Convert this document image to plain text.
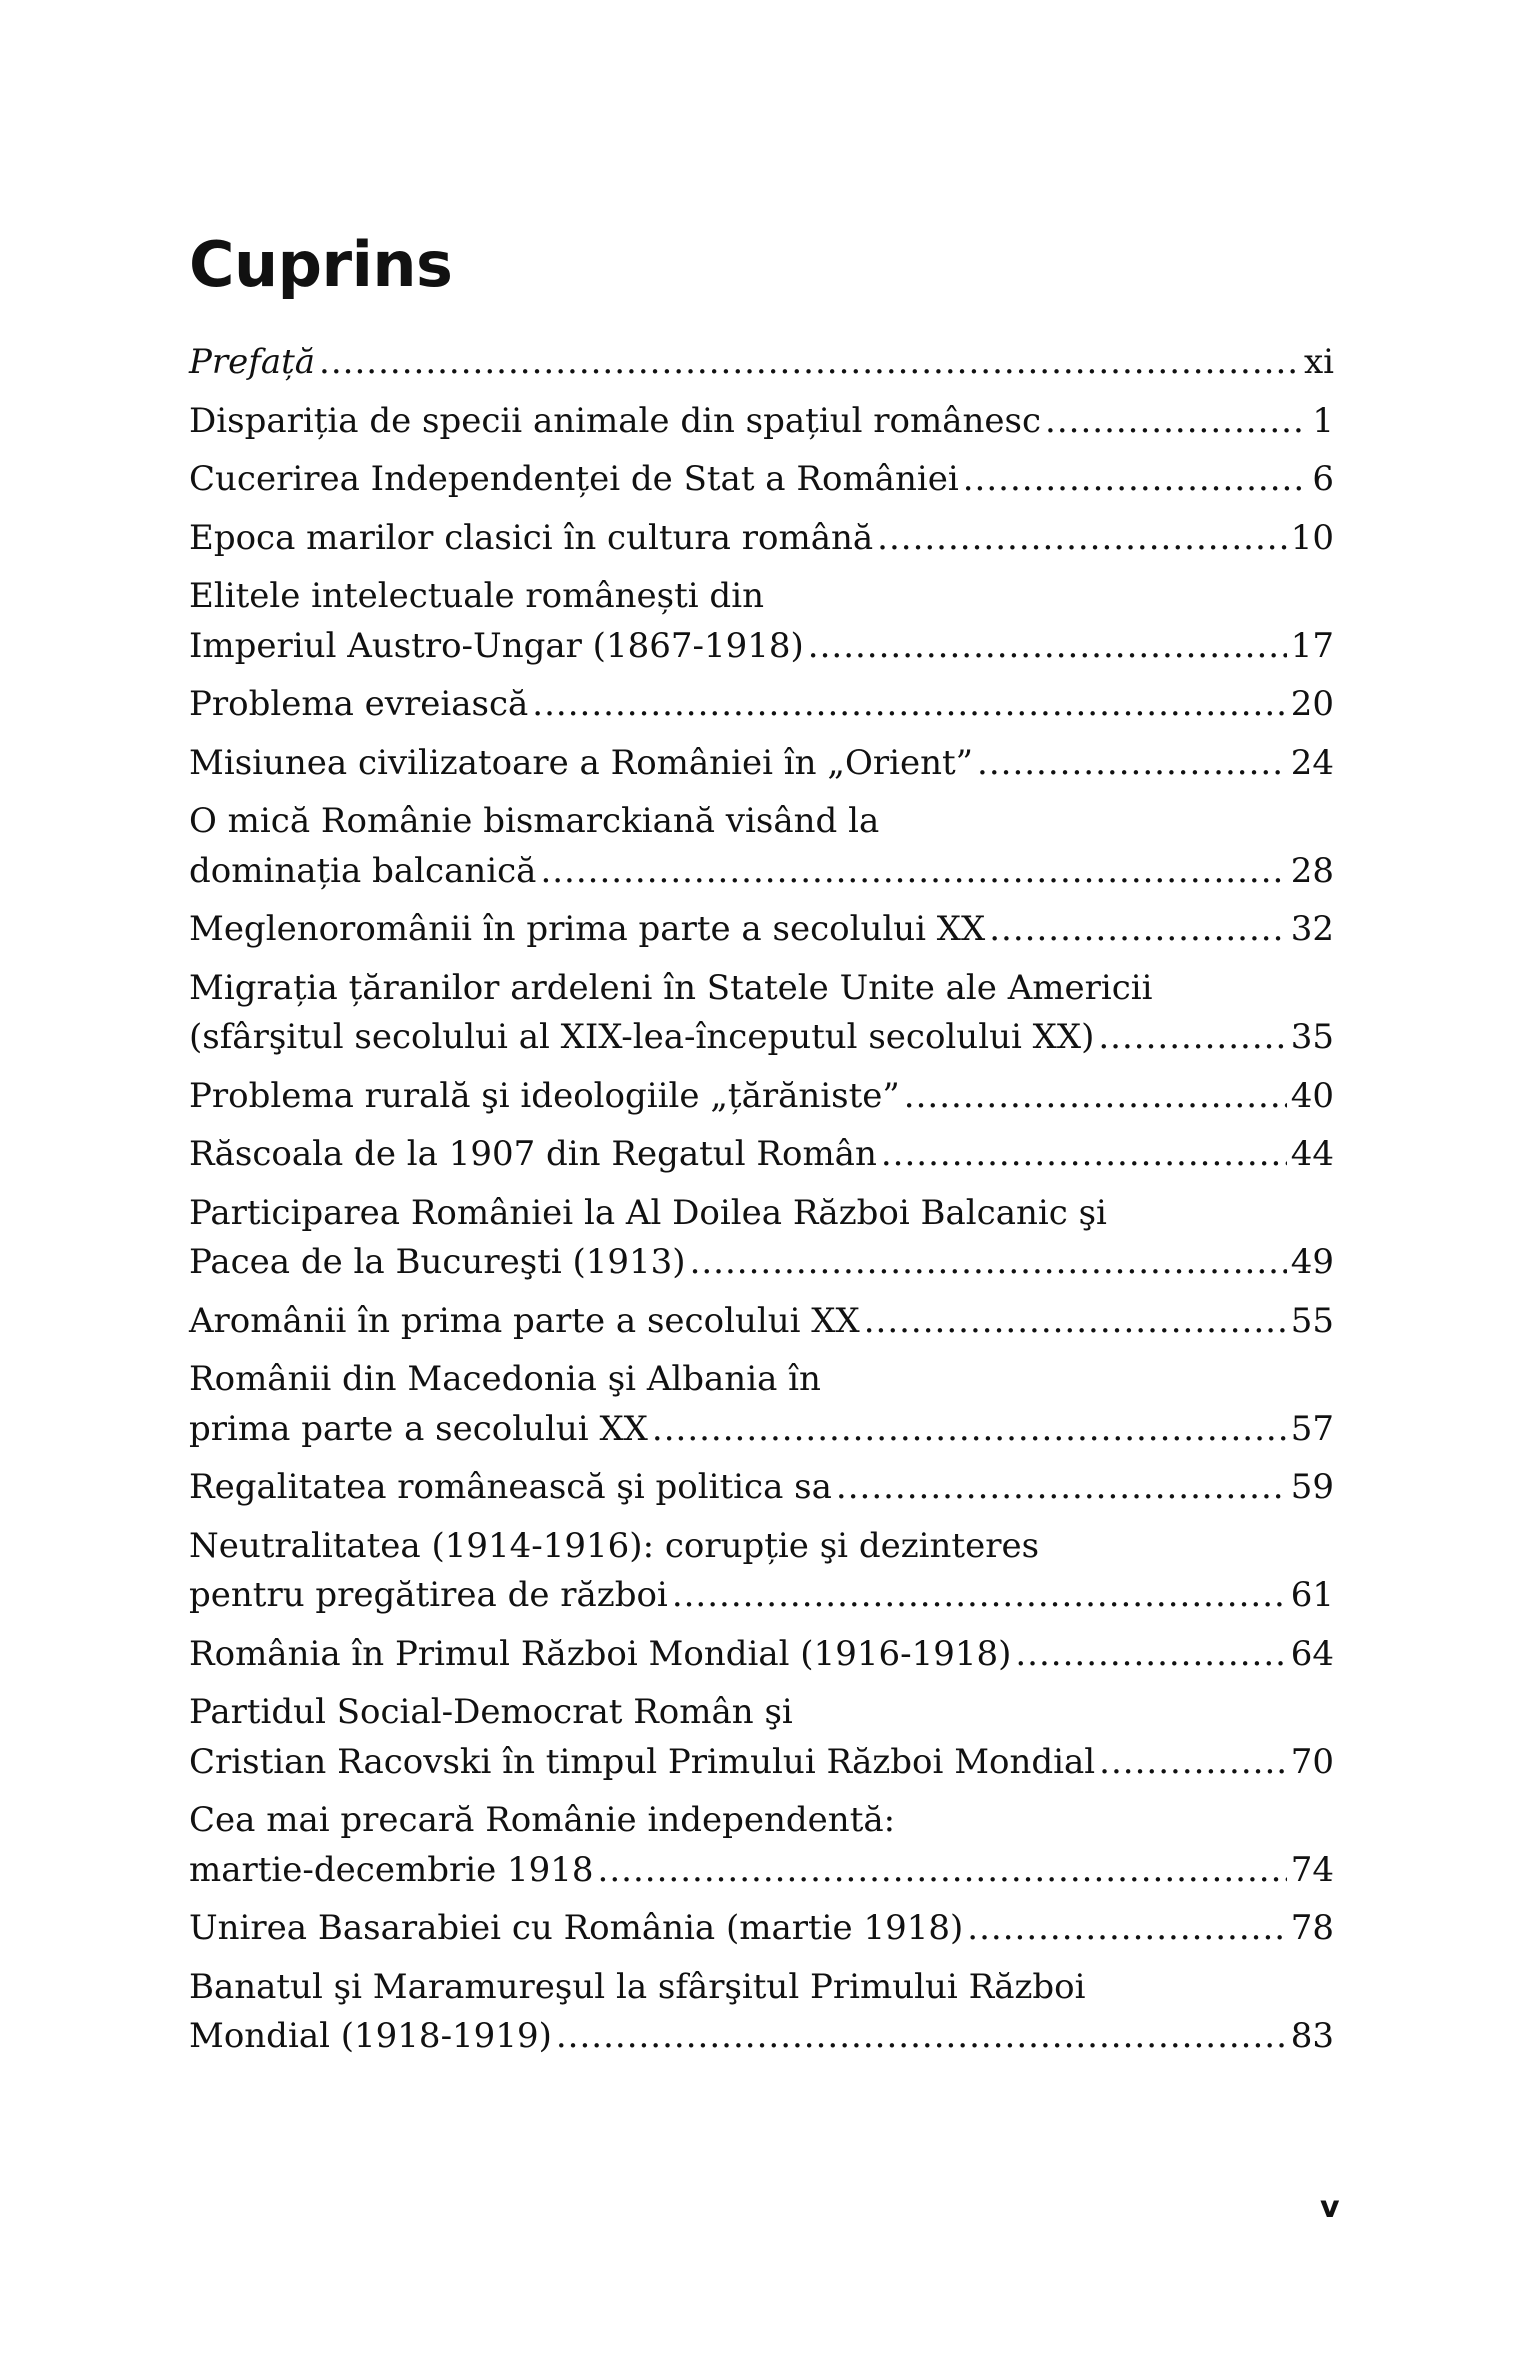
Cuprins
Prefață .....	xi
Dispariția de specii animale din spațiul românesc .....	1
Cucerirea Independenței de Stat a României .....	6
Epoca marilor clasici în cultura română .....	10
Elitele intelectuale românești din
Imperiul Austro-Ungar (1867-1918) .....	17
Problema evreiască .....	20
Misiunea civilizatoare a României în „Orient” .....	24
O mică Românie bismarckiană visând la
dominația balcanică .....	28
Meglenoromânii în prima parte a secolului XX .....	32
Migrația țăranilor ardeleni în Statele Unite ale Americii
(sfârşitul secolului al XIX-lea-începutul secolului XX) .....	35
Problema rurală şi ideologiile „țărăniste” .....	40
Răscoala de la 1907 din Regatul Român .....	44
Participarea României la Al Doilea Război Balcanic şi
Pacea de la Bucureşti (1913) .....	49
Aromânii în prima parte a secolului XX .....	55
Românii din Macedonia şi Albania în
prima parte a secolului XX .....	57
Regalitatea românească şi politica sa .....	59
Neutralitatea (1914-1916): corupție şi dezinteres
pentru pregătirea de război .....	61
România în Primul Război Mondial (1916-1918) .....	64
Partidul Social-Democrat Român şi
Cristian Racovski în timpul Primului Război Mondial .....	70
Cea mai precară Românie independentă:
martie-decembrie 1918 .....	74
Unirea Basarabiei cu România (martie 1918) .....	78
Banatul şi Maramureşul la sfârşitul Primului Război
Mondial (1918-1919) .....	83
v
